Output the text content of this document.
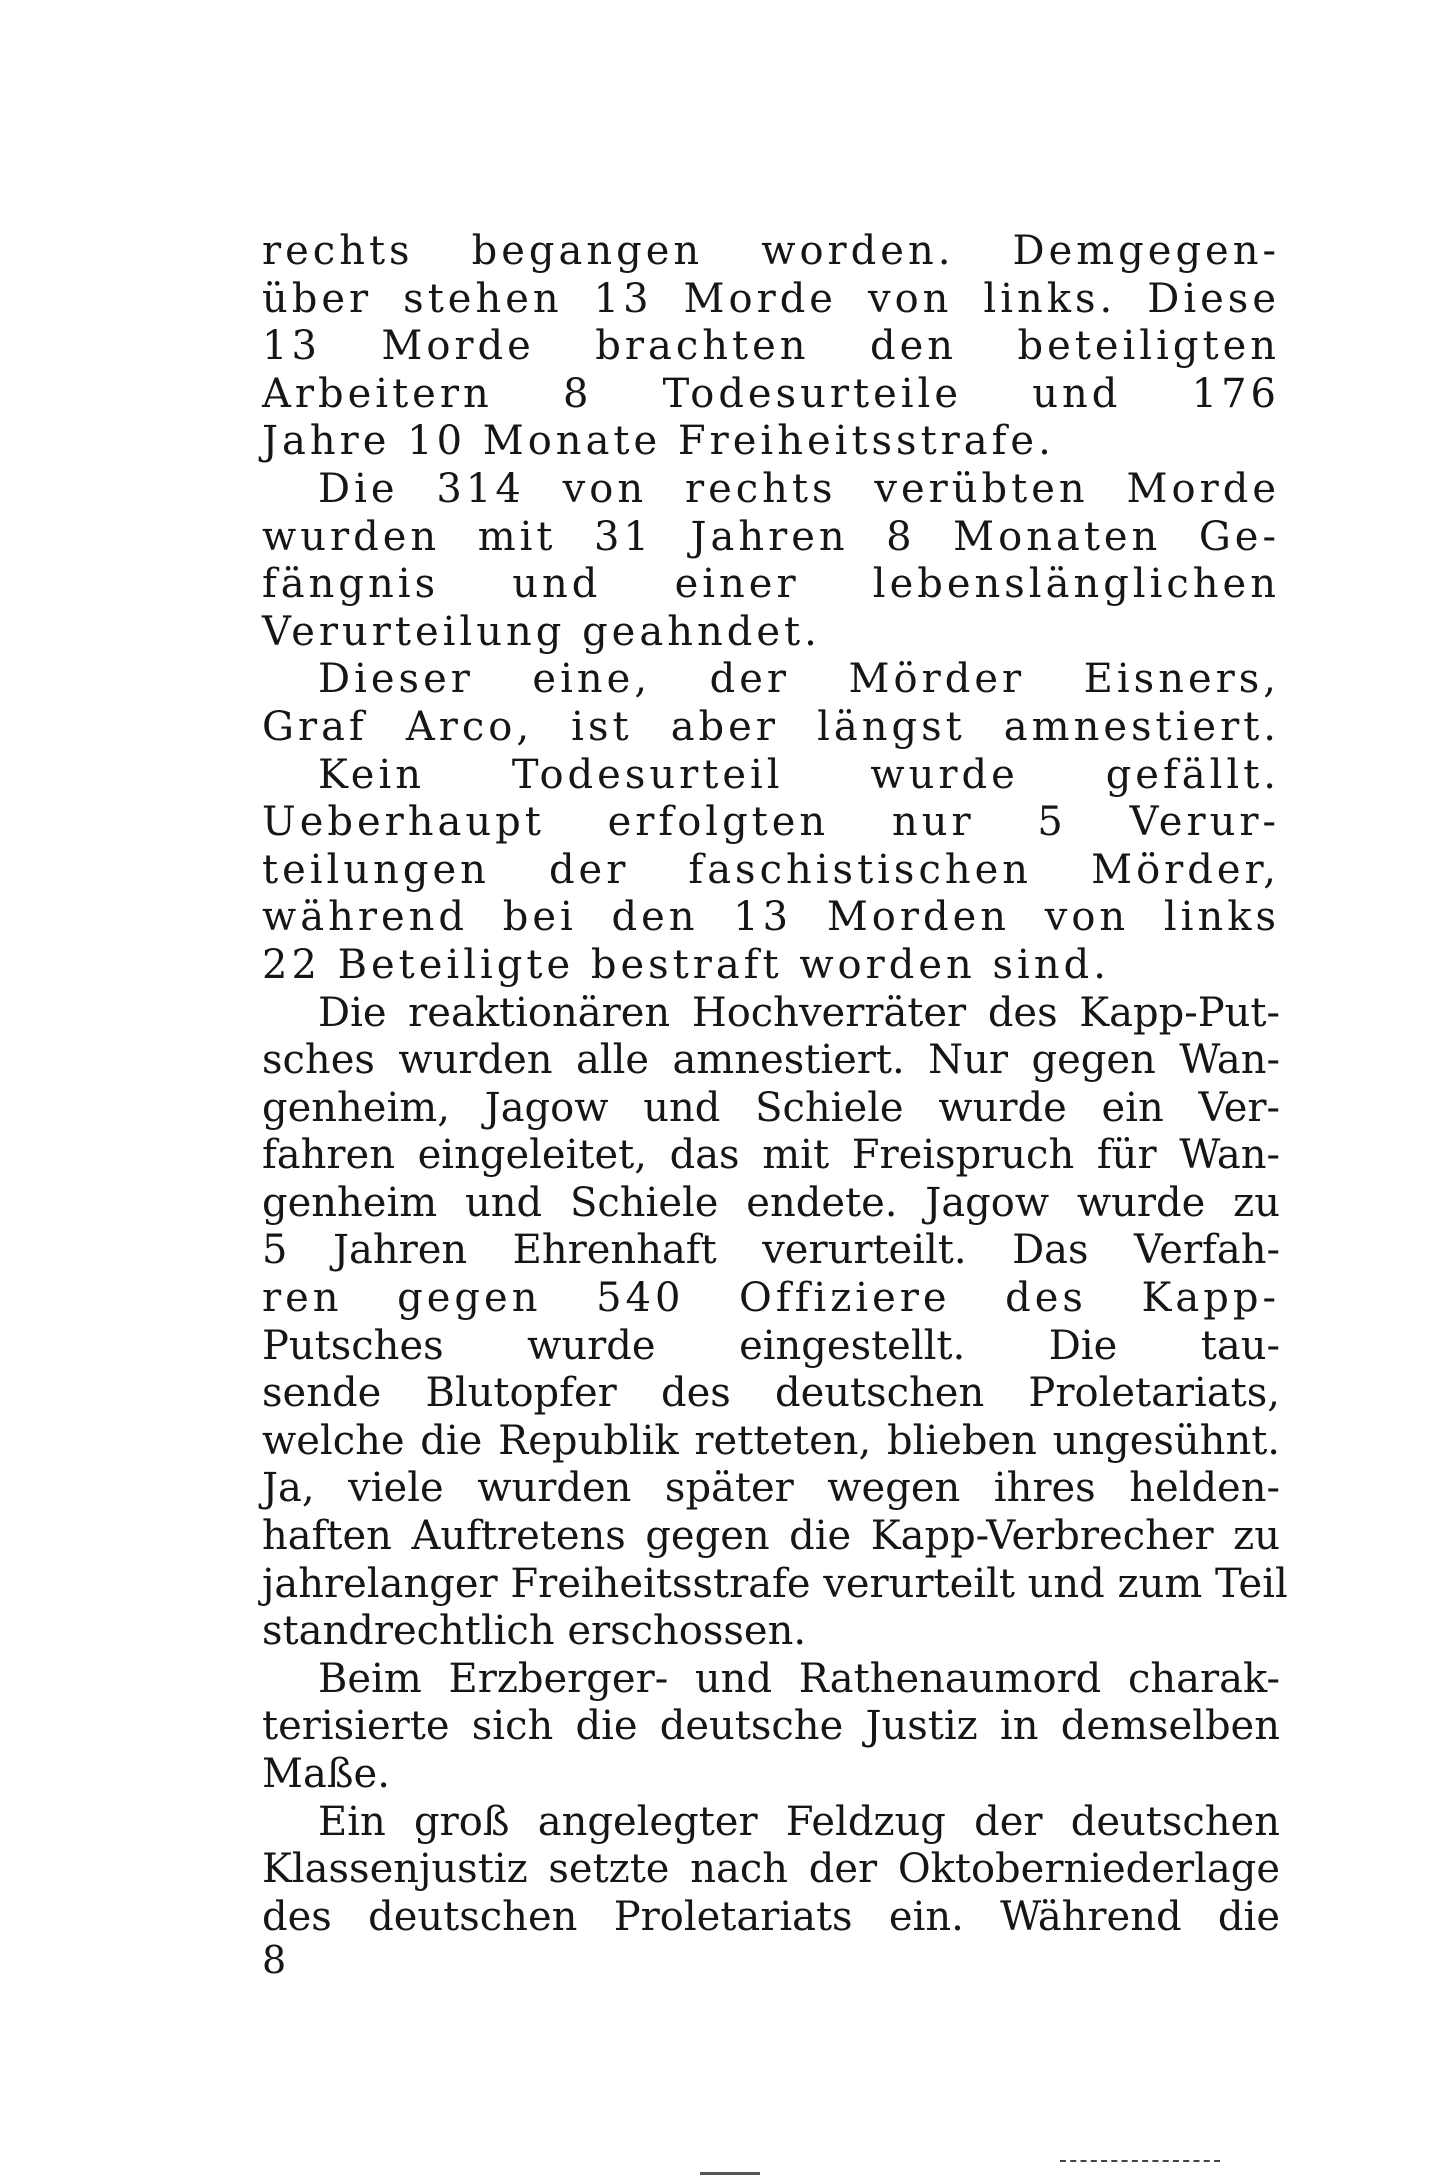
rechts begangen worden. Demgegen-
über stehen 13 Morde von links. Diese
13 Morde brachten den beteiligten
Arbeitern 8 Todesurteile und 176
Jahre 10 Monate Freiheitsstrafe.
Die 314 von rechts verübten Morde
wurden mit 31 Jahren 8 Monaten Ge-
fängnis und einer lebenslänglichen
Verurteilung geahndet.
Dieser eine, der Mörder Eisners,
Graf Arco, ist aber längst amnestiert.
Kein Todesurteil wurde gefällt.
Ueberhaupt erfolgten nur 5 Verur-
teilungen der faschistischen Mörder,
während bei den 13 Morden von links
22 Beteiligte bestraft worden sind.
Die reaktionären Hochverräter des Kapp-Put-
sches wurden alle amnestiert. Nur gegen Wan-
genheim, Jagow und Schiele wurde ein Ver-
fahren eingeleitet, das mit Freispruch für Wan-
genheim und Schiele endete. Jagow wurde zu
5 Jahren Ehrenhaft verurteilt. Das Verfah-
ren gegen 540 Offiziere des Kapp-
Putsches wurde eingestellt. Die tau-
sende Blutopfer des deutschen Proletariats,
welche die Republik retteten, blieben ungesühnt.
Ja, viele wurden später wegen ihres helden-
haften Auftretens gegen die Kapp-Verbrecher zu
jahrelanger Freiheitsstrafe verurteilt und zum Teil
standrechtlich erschossen.
Beim Erzberger- und Rathenaumord charak-
terisierte sich die deutsche Justiz in demselben
Maße.
Ein groß angelegter Feldzug der deutschen
Klassenjustiz setzte nach der Oktoberniederlage
des deutschen Proletariats ein. Während die
8
